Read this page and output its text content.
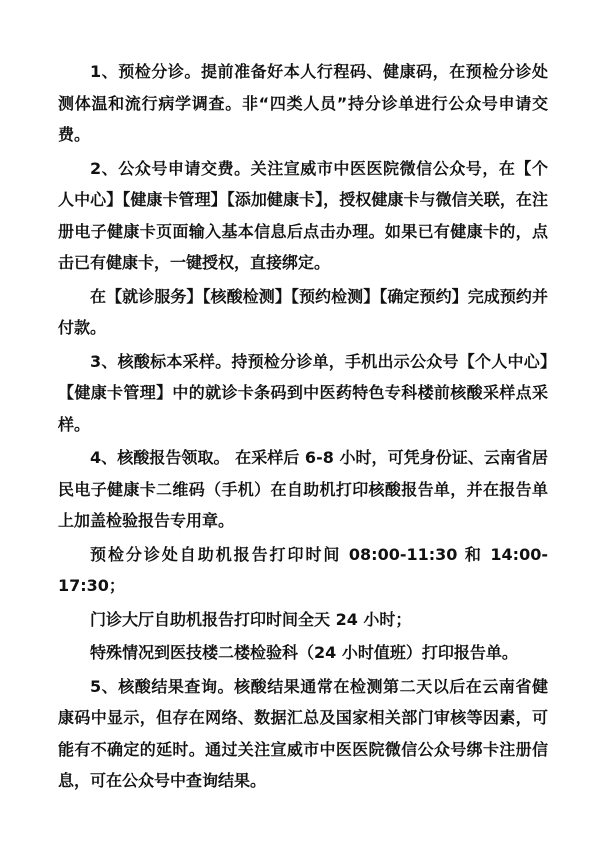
1、预检分诊。提前准备好本人行程码、健康码，在预检分诊处测体温和流行病学调查。非“四类人员”持分诊单进行公众号申请交费。

2、公众号申请交费。关注宣威市中医医院微信公众号，在【个人中心】【健康卡管理】【添加健康卡】，授权健康卡与微信关联，在注册电子健康卡页面输入基本信息后点击办理。如果已有健康卡的，点击已有健康卡，一键授权，直接绑定。

在【就诊服务】【核酸检测】【预约检测】【确定预约】完成预约并付款。

3、核酸标本采样。持预检分诊单，手机出示公众号【个人中心】【健康卡管理】中的就诊卡条码到中医药特色专科楼前核酸采样点采样。

4、核酸报告领取。 在采样后 6-8 小时，可凭身份证、云南省居民电子健康卡二维码（手机）在自助机打印核酸报告单，并在报告单上加盖检验报告专用章。

预检分诊处自助机报告打印时间 08:00-11:30 和 14:00-17:30；

门诊大厅自助机报告打印时间全天 24 小时；

特殊情况到医技楼二楼检验科（24 小时值班）打印报告单。

5、核酸结果查询。核酸结果通常在检测第二天以后在云南省健康码中显示，但存在网络、数据汇总及国家相关部门审核等因素，可能有不确定的延时。通过关注宣威市中医医院微信公众号绑卡注册信息，可在公众号中查询结果。
